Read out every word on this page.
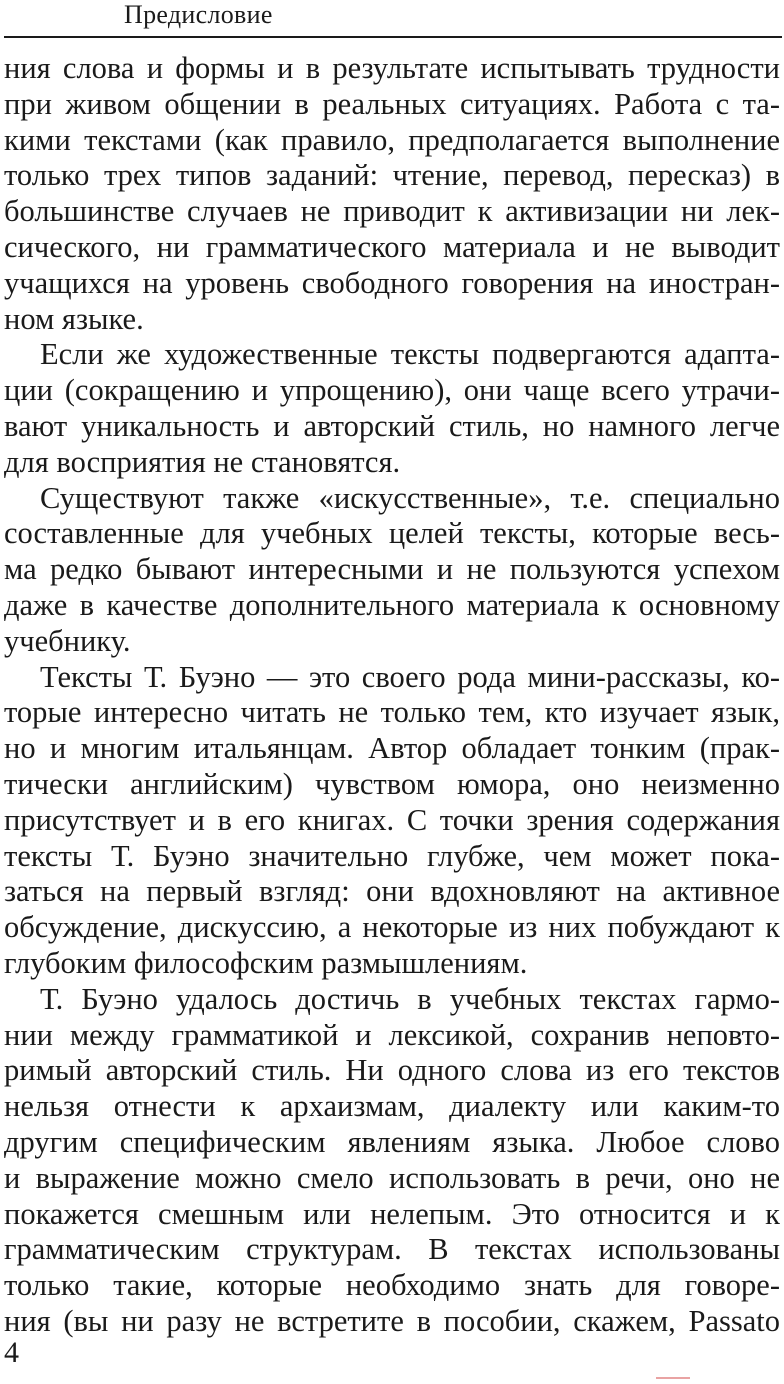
Предисловие
ния слова и формы и в результате испытывать трудности
при живом общении в реальных ситуациях. Работа с та-
кими текстами (как правило, предполагается выполнение
только трех типов заданий: чтение, перевод, пересказ) в
большинстве случаев не приводит к активизации ни лек-
сического, ни грамматического материала и не выводит
учащихся на уровень свободного говорения на иностран-
ном языке.
Если же художественные тексты подвергаются адапта-
ции (сокращению и упрощению), они чаще всего утрачи-
вают уникальность и авторский стиль, но намного легче
для восприятия не становятся.
Существуют также «искусственные», т.е. специально
составленные для учебных целей тексты, которые весь-
ма редко бывают интересными и не пользуются успехом
даже в качестве дополнительного материала к основному
учебнику.
Тексты Т. Буэно — это своего рода мини-рассказы, ко-
торые интересно читать не только тем, кто изучает язык,
но и многим итальянцам. Автор обладает тонким (прак-
тически английским) чувством юмора, оно неизменно
присутствует и в его книгах. С точки зрения содержания
тексты Т. Буэно значительно глубже, чем может пока-
заться на первый взгляд: они вдохновляют на активное
обсуждение, дискуссию, а некоторые из них побуждают к
глубоким философским размышлениям.
Т. Буэно удалось достичь в учебных текстах гармо-
нии между грамматикой и лексикой, сохранив неповто-
римый авторский стиль. Ни одного слова из его текстов
нельзя отнести к архаизмам, диалекту или каким-то
другим специфическим явлениям языка. Любое слово
и выражение можно смело использовать в речи, оно не
покажется смешным или нелепым. Это относится и к
грамматическим структурам. В текстах использованы
только такие, которые необходимо знать для говоре-
ния (вы ни разу не встретите в пособии, скажем, Passato
4
